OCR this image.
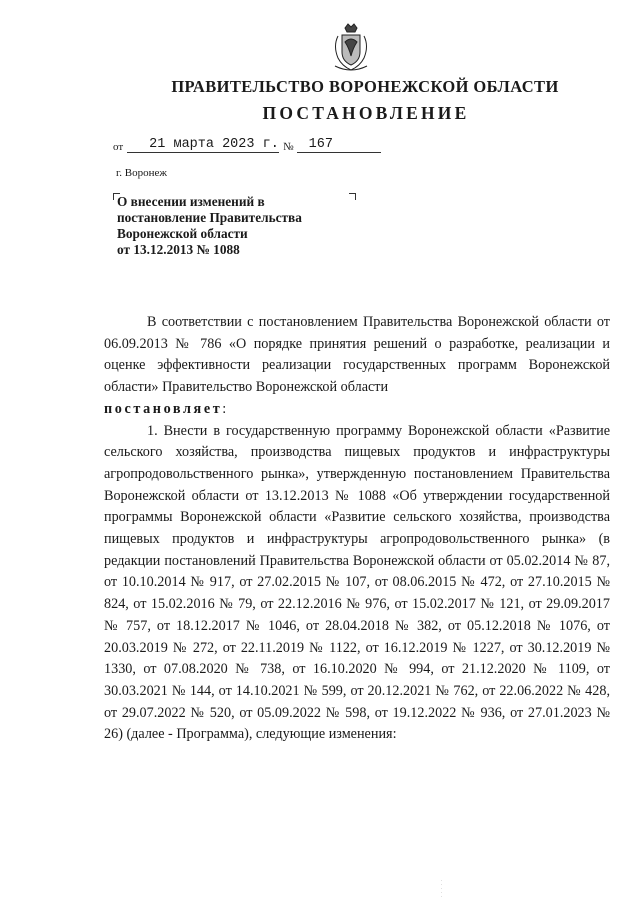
ПРАВИТЕЛЬСТВО ВОРОНЕЖСКОЙ ОБЛАСТИ
ПОСТАНОВЛЕНИЕ
от	21 марта 2023 г. №	167
г. Воронеж
О внесении изменений в
постановление Правительства
Воронежской области
от 13.12.2013 № 1088

В соответствии с постановлением Правительства Воронежской области от 06.09.2013 № 786 «О порядке принятия решений о разработке, реализации и оценке эффективности реализации государственных программ Воронежской области» Правительство Воронежской области

постановляет:

1. Внести в государственную программу Воронежской области «Развитие сельского хозяйства, производства пищевых продуктов и инфраструктуры агропродовольственного рынка», утвержденную постановлением Правительства Воронежской области от 13.12.2013 № 1088 «Об утверждении государственной программы Воронежской области «Развитие сельского хозяйства, производства пищевых продуктов и инфраструктуры агропродовольственного рынка» (в редакции постановлений Правительства Воронежской области от 05.02.2014 № 87, от 10.10.2014 № 917, от 27.02.2015 № 107, от 08.06.2015 № 472, от 27.10.2015 № 824, от 15.02.2016 № 79, от 22.12.2016 № 976, от 15.02.2017 № 121, от 29.09.2017 № 757, от 18.12.2017 № 1046, от 28.04.2018 № 382, от 05.12.2018 № 1076, от 20.03.2019 № 272, от 22.11.2019 № 1122, от 16.12.2019 № 1227, от 30.12.2019 № 1330, от 07.08.2020 № 738, от 16.10.2020 № 994, от 21.12.2020 № 1109, от 30.03.2021 № 144, от 14.10.2021 № 599, от 20.12.2021 № 762, от 22.06.2022 № 428, от 29.07.2022 № 520, от 05.09.2022 № 598, от 19.12.2022 № 936, от 27.01.2023 № 26) (далее - Программа), следующие изменения:
